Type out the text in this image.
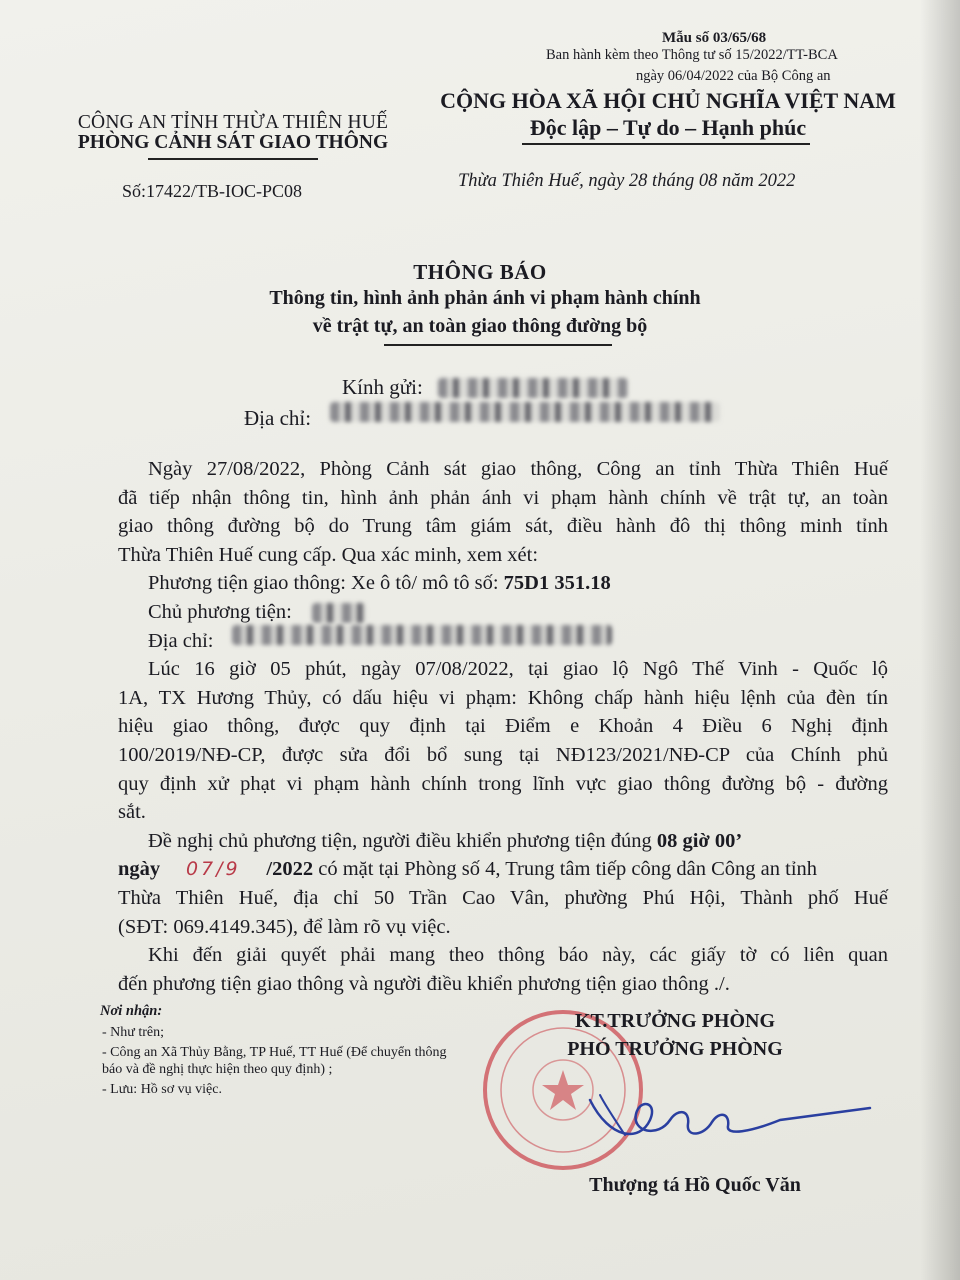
Mẫu số 03/65/68
Ban hành kèm theo Thông tư số 15/2022/TT-BCA
ngày 06/04/2022 của Bộ Công an
CÔNG AN TỈNH THỪA THIÊN HUẾ
PHÒNG CẢNH SÁT GIAO THÔNG
CỘNG HÒA XÃ HỘI CHỦ NGHĨA VIỆT NAM
Độc lập – Tự do – Hạnh phúc
Số:17422/TB-IOC-PC08	Thừa Thiên Huế, ngày 28 tháng 08 năm 2022
THÔNG BÁO
Thông tin, hình ảnh phản ánh vi phạm hành chính
về trật tự, an toàn giao thông đường bộ
Kính gửi:
Địa chỉ:
Ngày 27/08/2022, Phòng Cảnh sát giao thông, Công an tỉnh Thừa Thiên Huế
đã tiếp nhận thông tin, hình ảnh phản ánh vi phạm hành chính về trật tự, an toàn
giao thông đường bộ do Trung tâm giám sát, điều hành đô thị thông minh tỉnh
Thừa Thiên Huế cung cấp. Qua xác minh, xem xét:
Phương tiện giao thông: Xe ô tô/ mô tô số: 75D1 351.18
Chủ phương tiện:
Địa chỉ:
Lúc 16 giờ 05 phút, ngày 07/08/2022, tại giao lộ Ngô Thế Vinh - Quốc lộ
1A, TX Hương Thủy, có dấu hiệu vi phạm: Không chấp hành hiệu lệnh của đèn tín
hiệu giao thông, được quy định tại Điểm e Khoản 4 Điều 6 Nghị định
100/2019/NĐ-CP, được sửa đổi bổ sung tại NĐ123/2021/NĐ-CP của Chính phủ
quy định xử phạt vi phạm hành chính trong lĩnh vực giao thông đường bộ - đường
sắt.
Đề nghị chủ phương tiện, người điều khiển phương tiện đúng 08 giờ 00’
ngày 07/9 /2022 có mặt tại Phòng số 4, Trung tâm tiếp công dân Công an tỉnh
Thừa Thiên Huế, địa chỉ 50 Trần Cao Vân, phường Phú Hội, Thành phố Huế
(SĐT: 069.4149.345), để làm rõ vụ việc.
Khi đến giải quyết phải mang theo thông báo này, các giấy tờ có liên quan
đến phương tiện giao thông và người điều khiển phương tiện giao thông ./.
Nơi nhận:
- Như trên;
- Công an Xã Thủy Bằng, TP Huế, TT Huế (Để chuyển thông báo và đề nghị thực hiện theo quy định) ;
- Lưu: Hồ sơ vụ việc.
KT.TRƯỞNG PHÒNG
PHÓ TRƯỞNG PHÒNG
Thượng tá Hồ Quốc Văn
